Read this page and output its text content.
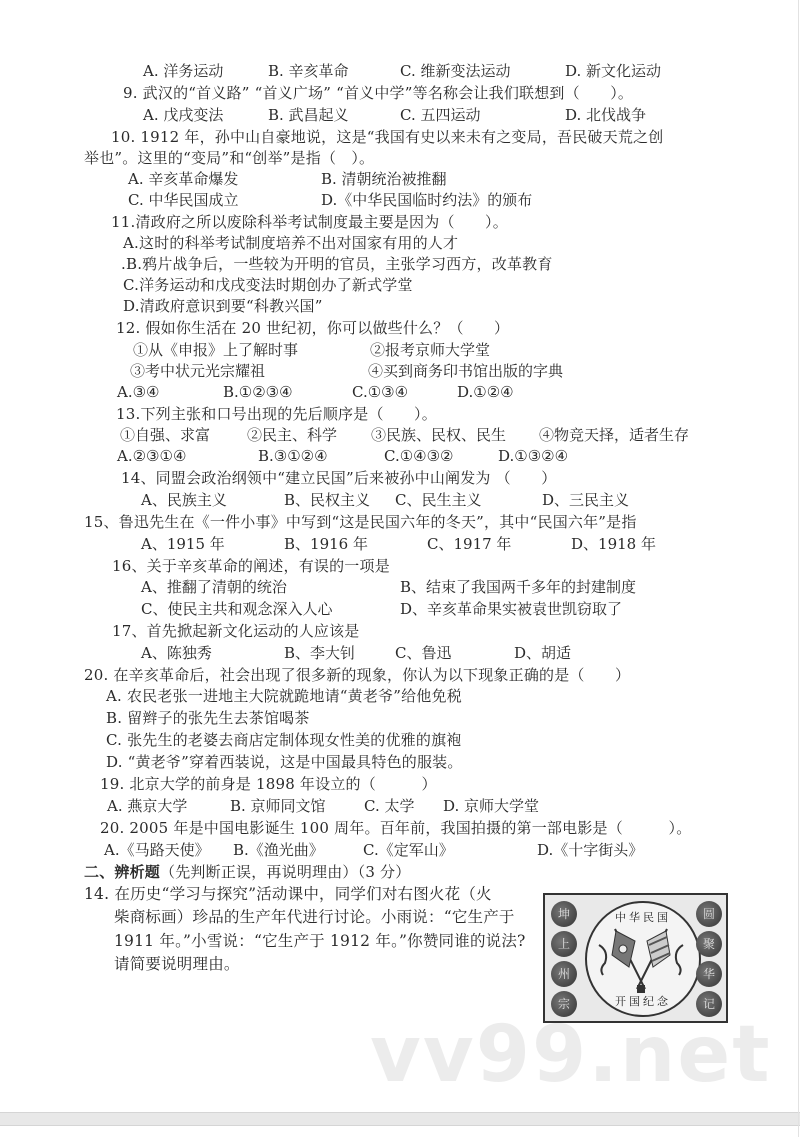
A. 洋务运动	B. 辛亥革命	C. 维新变法运动	D. 新文化运动
9. 武汉的“首义路” “首义广场” “首义中学”等名称会让我们联想到（　　）。
A. 戊戌变法	B. 武昌起义	C. 五四运动	D. 北伐战争
10. 1912 年，孙中山自豪地说，这是“我国有史以来未有之变局，吾民破天荒之创
举也”。这里的“变局”和“创举”是指（　）。
A. 辛亥革命爆发	B. 清朝统治被推翻
C. 中华民国成立	D.《中华民国临时约法》的颁布
11.清政府之所以废除科举考试制度最主要是因为（　　）。
A.这时的科举考试制度培养不出对国家有用的人才
.B.鸦片战争后，一些较为开明的官员，主张学习西方，改革教育
C.洋务运动和戊戌变法时期创办了新式学堂
D.清政府意识到要“科教兴国”
12. 假如你生活在 20 世纪初，你可以做些什么？（　　）
①从《申报》上了解时事	②报考京师大学堂
③考中状元光宗耀祖	④买到商务印书馆出版的字典
A.③④	B.①②③④	C.①③④	D.①②④
13.下列主张和口号出现的先后顺序是（　　）。
①自强、求富 ②民主、科学 ③民族、民权、民生 ④物竞天择，适者生存
A.②③①④	B.③①②④	C.①④③②	D.①③②④
14、同盟会政治纲领中“建立民国”后来被孙中山阐发为 （　　）
A、民族主义	B、民权主义 C、民生主义	D、三民主义
15、鲁迅先生在《一件小事》中写到“这是民国六年的冬天”，其中“民国六年”是指
A、1915 年	B、1916 年	C、1917 年	D、1918 年
16、关于辛亥革命的阐述，有误的一项是
A、推翻了清朝的统治	B、结束了我国两千多年的封建制度
C、使民主共和观念深入人心	D、辛亥革命果实被袁世凯窃取了
17、首先掀起新文化运动的人应该是
A、陈独秀	B、李大钊	C、鲁迅	D、胡适
20. 在辛亥革命后，社会出现了很多新的现象，你认为以下现象正确的是（　　）
A. 农民老张一进地主大院就跪地请“黄老爷”给他免税
B. 留辫子的张先生去茶馆喝茶
C. 张先生的老婆去商店定制体现女性美的优雅的旗袍
D. “黄老爷”穿着西装说，这是中国最具特色的服装。
19. 北京大学的前身是 1898 年设立的（　　　）
A. 燕京大学	B. 京师同文馆	C. 太学 D. 京师大学堂
20. 2005 年是中国电影诞生 100 周年。百年前，我国拍摄的第一部电影是（　　　）。
A.《马路天使》 B.《渔光曲》	C.《定军山》	D.《十字街头》
二、辨析题（先判断正误，再说明理由）（3 分）
14. 在历史“学习与探究”活动课中，同学们对右图火花（火
柴商标画）珍品的生产年代进行讨论。小雨说：“它生产于
1911 年。”小雪说：“它生产于 1912 年。”你赞同谁的说法?
请简要说明理由。
坤
上
州
宗
中华民国
开国纪念
圆
聚
华
记
vv99.net
